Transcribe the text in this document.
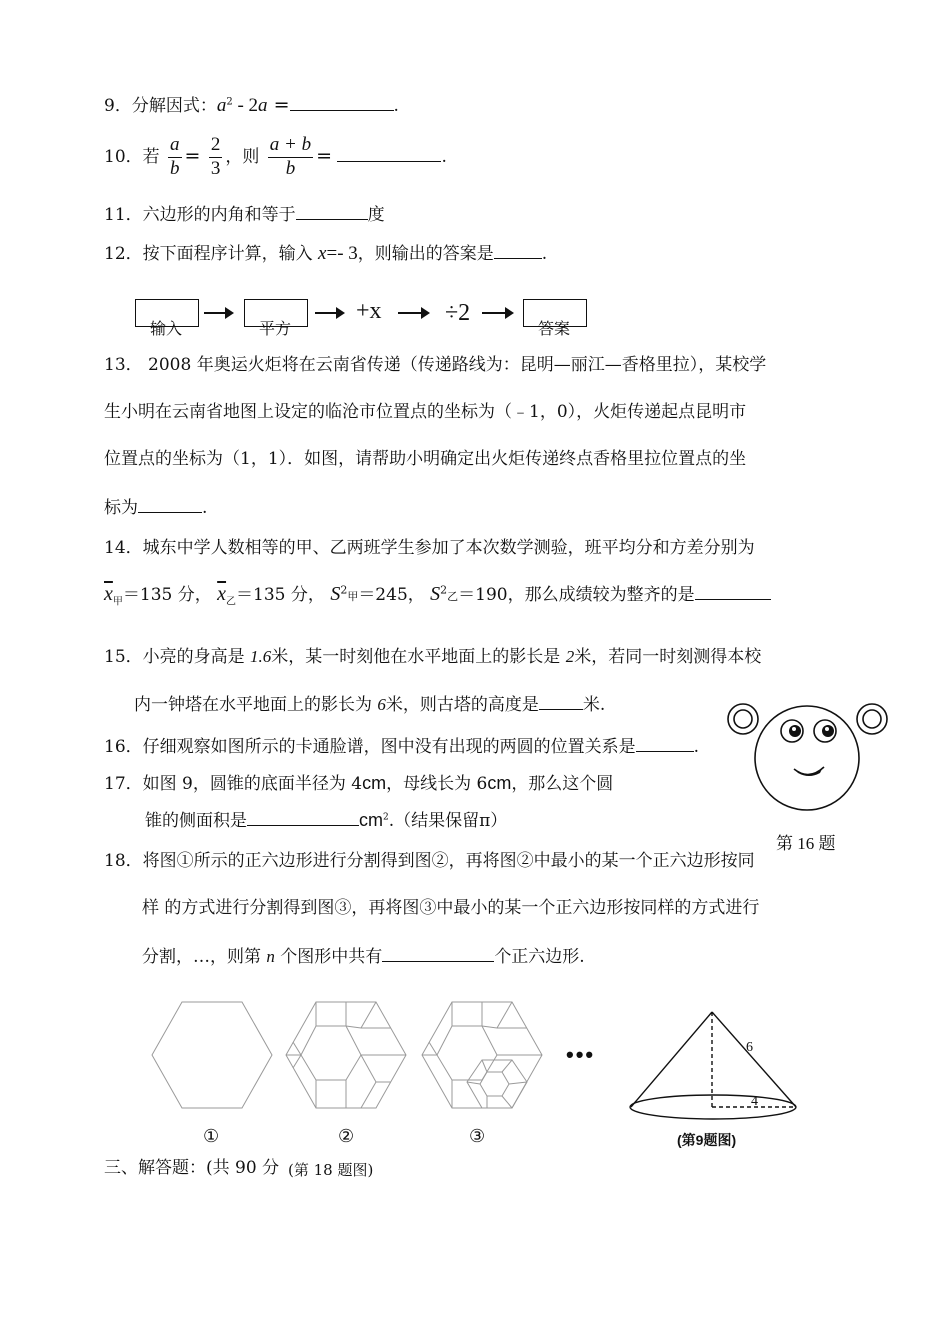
9．分解因式：$a^2 - 2a$ =	.
10．若 $\frac{a}{b} = \frac{2}{3}$ ，则 $\frac{a + b}{b}$ =	.
11．六边形的内角和等于	度
12．按下面程序计算，输入 x=- 3，则输出的答案是	.
输入	平方
+x	÷2
答案
13． 2008 年奥运火炬将在云南省传递（传递路线为：昆明—丽江—香格里拉），某校学
生小明在云南省地图上设定的临沧市位置点的坐标为（﹣1，0），火炬传递起点昆明市
位置点的坐标为（1，1）．如图，请帮助小明确定出火炬传递终点香格里拉位置点的坐
标为	.
14．城东中学人数相等的甲、乙两班学生参加了本次数学测验，班平均分和方差分别为
$\overline{x}_甲=135$ 分， $\overline{x}_乙=135$ 分， $S^2$甲＝245， $S^2$乙＝190，那么成绩较为整齐的是
15．小亮的身高是 1.6米，某一时刻他在水平地面上的影长是 2米，若同一时刻测得本校
内一钟塔在水平地面上的影长为 6米，则古塔的高度是	米.
16．仔细观察如图所示的卡通脸谱，图中没有出现的两圆的位置关系是	.
第 16 题
17．如图 9，圆锥的底面半径为 4cm，母线长为 6cm，那么这个圆
锥的侧面积是	$cm^2$.（结果保留π）
18．将图①所示的正六边形进行分割得到图②，再将图②中最小的某一个正六边形按同
样 的方式进行分割得到图③，再将图③中最小的某一个正六边形按同样的方式进行
分割，…，则第 n 个图形中共有	个正六边形.
①	②	③
•••	6
4
(第9题图)
三、解答题：(共 90 分 (第 18 题图)
